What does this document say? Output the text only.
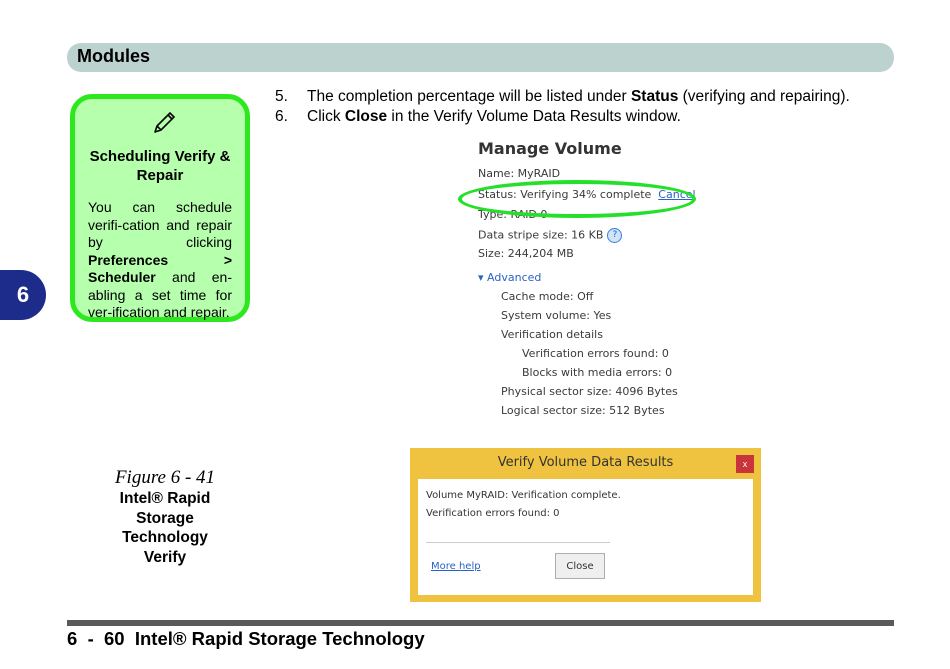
Modules
6
Scheduling Verify & Repair
You can schedule verifi-cation and repair by clicking Preferences > Scheduler and en-abling a set time for ver-ification and repair.
5. The completion percentage will be listed under Status (verifying and repairing).
6. Click Close in the Verify Volume Data Results window.
Manage Volume
Name: MyRAID
Status: Verifying 34% complete Cancel
Type: RAID 0
Data stripe size: 16 KB ?
Size: 244,204 MB
▾ Advanced
Cache mode: Off
System volume: Yes
Verification details
Verification errors found: 0
Blocks with media errors: 0
Physical sector size: 4096 Bytes
Logical sector size: 512 Bytes
Verify Volume Data Results	x
Volume MyRAID: Verification complete.
Verification errors found: 0
More help	Close
Figure 6 - 41
Intel® Rapid
Storage
Technology
Verify
6  -  60  Intel® Rapid Storage Technology
